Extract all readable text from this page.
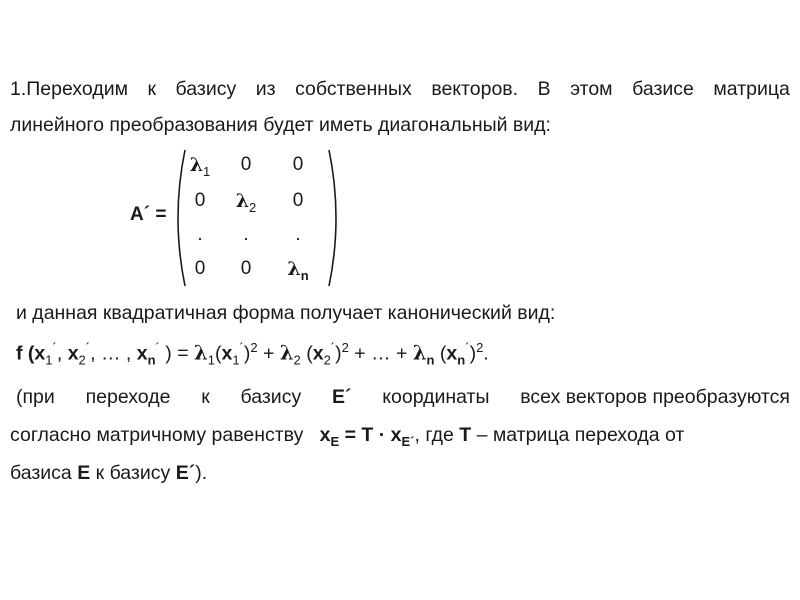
1.Переходим к базису из собственных векторов. В этом базисе матрица
линейного преобразования будет иметь диагональный вид:
A´ =
$\lambda_1$	0	0
0	$\lambda_2$	0
.	.	.
0	0	$\lambda_n$
и данная квадратичная форма получает канонический вид:
f ($x_1^´$, $x_2^´$, … , $x_n^´$ ) = $\lambda_1(x_1^´)^2 + \lambda_2$ $(x_2^´)^2$ + … + $\lambda_n$ $(x_n^´)^2$.
(при переходе к базису E´ координаты всех векторов преобразуются
согласно матричному равенству $x_E = T \cdot x_{E´}$, где T – матрица перехода от
базиса E к базису E´).
